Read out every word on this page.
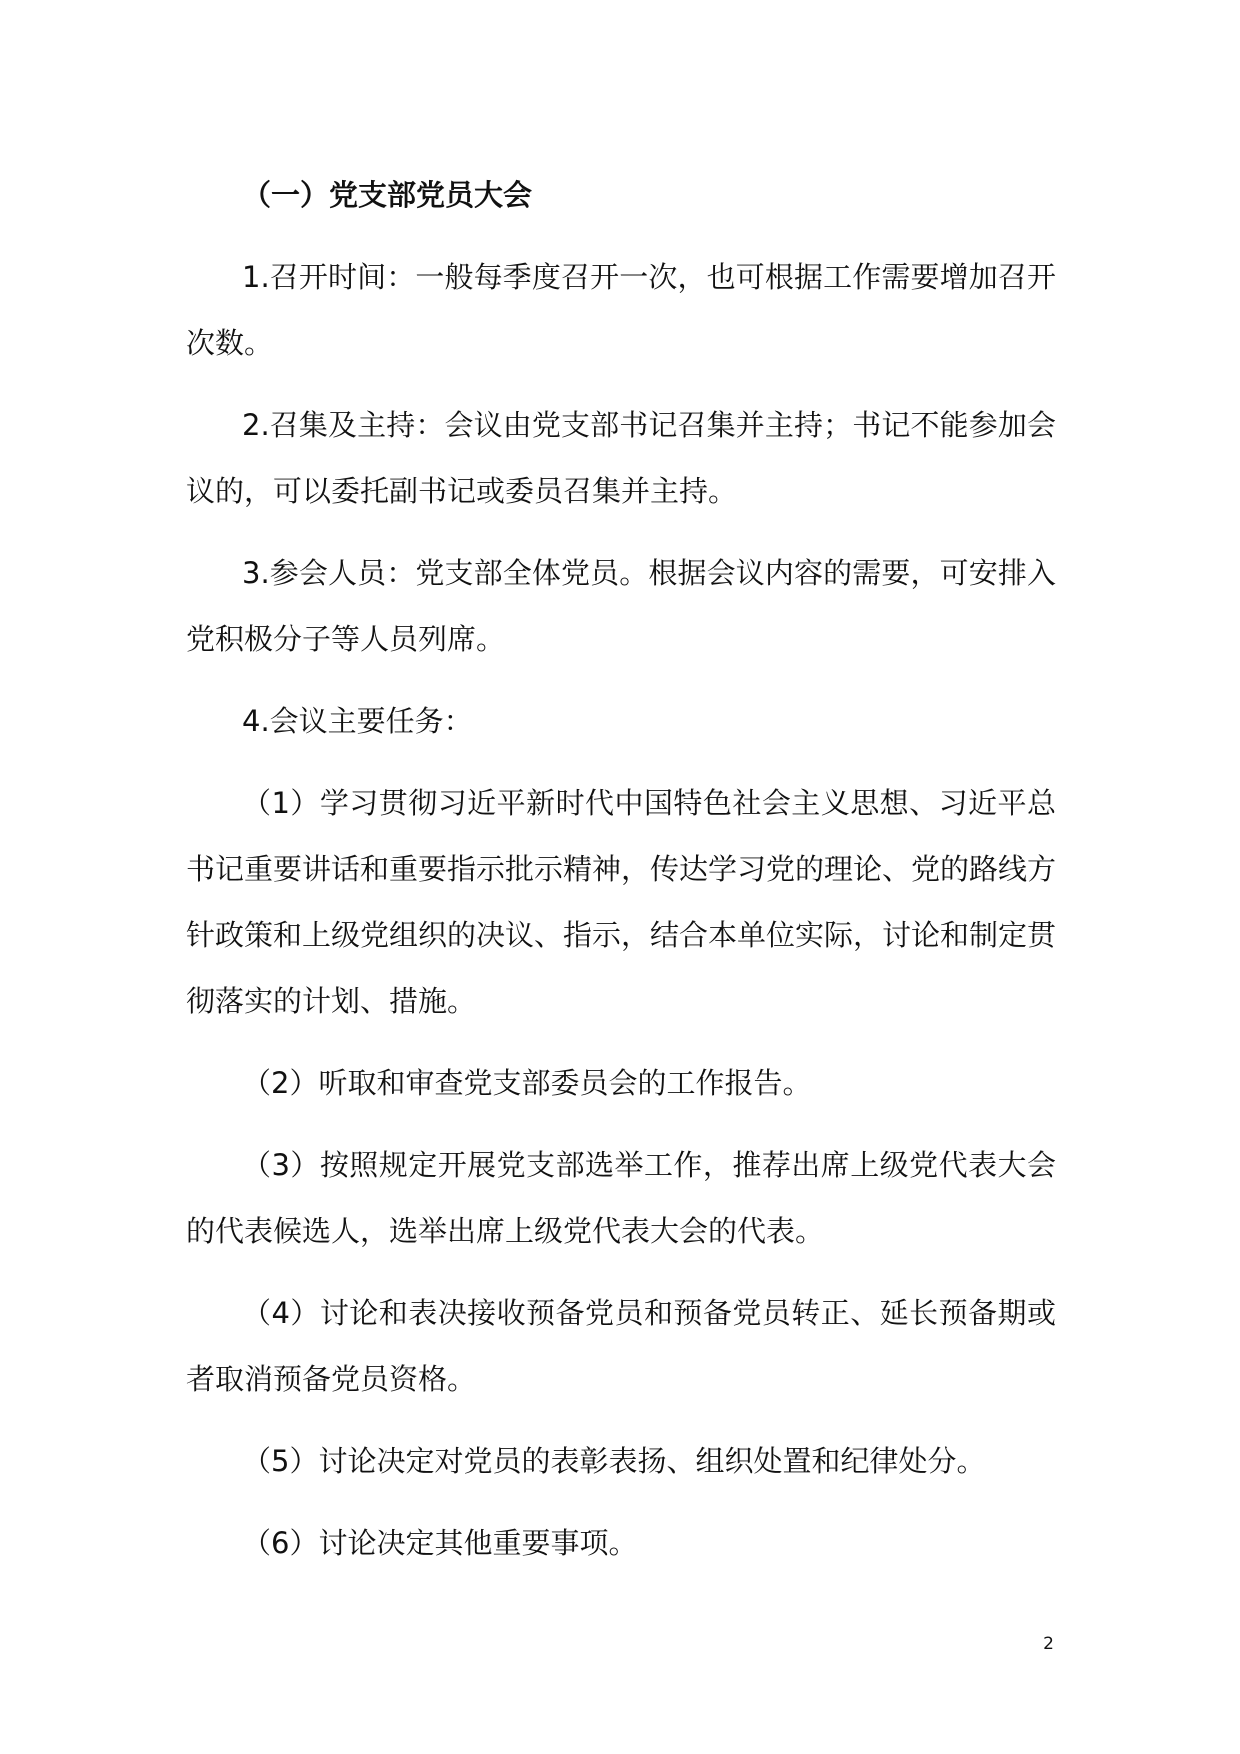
（一）党支部党员大会

1.召开时间：一般每季度召开一次，也可根据工作需要增加召开次数。

2.召集及主持：会议由党支部书记召集并主持；书记不能参加会议的，可以委托副书记或委员召集并主持。

3.参会人员：党支部全体党员。根据会议内容的需要，可安排入党积极分子等人员列席。

4.会议主要任务：

（1）学习贯彻习近平新时代中国特色社会主义思想、习近平总书记重要讲话和重要指示批示精神，传达学习党的理论、党的路线方针政策和上级党组织的决议、指示，结合本单位实际，讨论和制定贯彻落实的计划、措施。

（2）听取和审查党支部委员会的工作报告。

（3）按照规定开展党支部选举工作，推荐出席上级党代表大会的代表候选人，选举出席上级党代表大会的代表。

（4）讨论和表决接收预备党员和预备党员转正、延长预备期或者取消预备党员资格。

（5）讨论决定对党员的表彰表扬、组织处置和纪律处分。

（6）讨论决定其他重要事项。

2
